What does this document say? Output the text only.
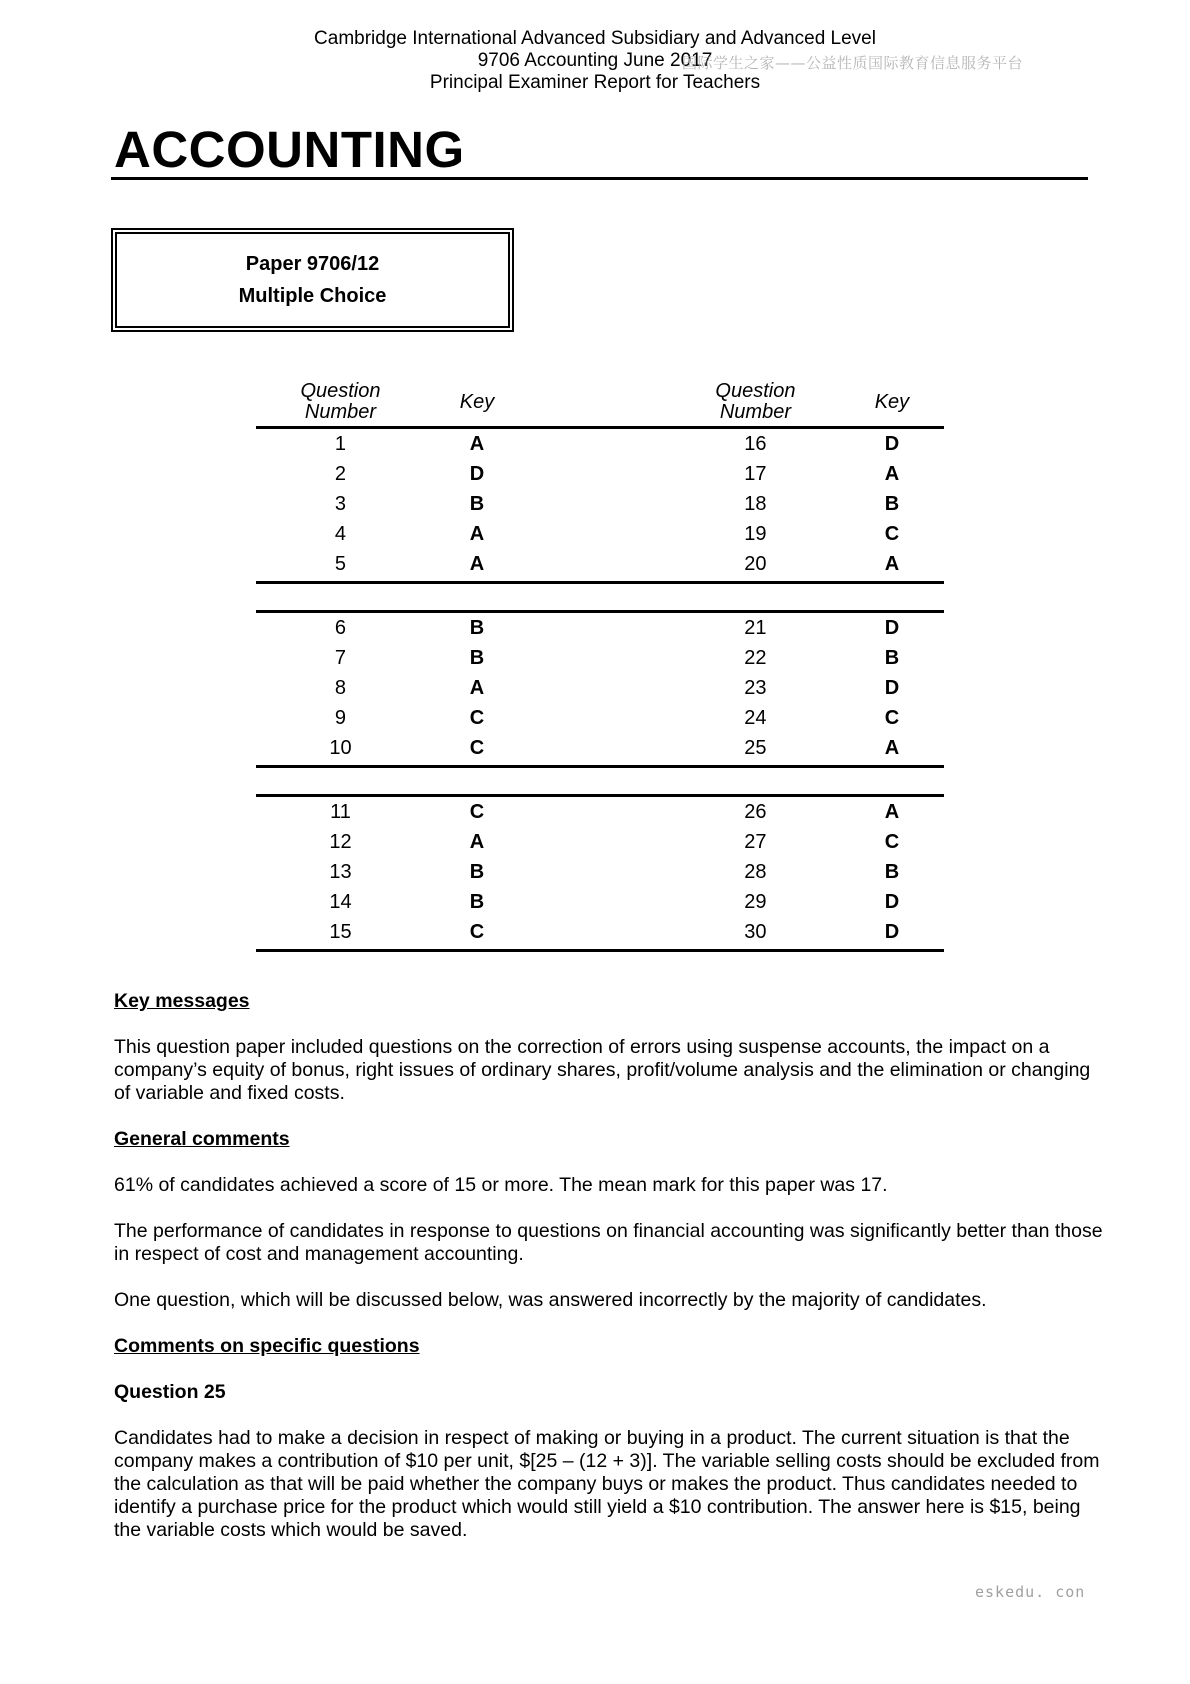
Cambridge International Advanced Subsidiary and Advanced Level
9706 Accounting June 2017
Principal Examiner Report for Teachers
国际学生之家——公益性质国际教育信息服务平台
ACCOUNTING
Paper 9706/12
Multiple Choice
Question
Number	Key		Question
Number	Key
1	A		16	D
2	D		17	A
3	B		18	B
4	A		19	C
5	A		20	A

6	B		21	D
7	B		22	B
8	A		23	D
9	C		24	C
10	C		25	A

11	C		26	A
12	A		27	C
13	B		28	B
14	B		29	D
15	C		30	D

Key messages

This question paper included questions on the correction of errors using suspense accounts, the impact on a company’s equity of bonus, right issues of ordinary shares, profit/volume analysis and the elimination or changing of variable and fixed costs.

General comments

61% of candidates achieved a score of 15 or more. The mean mark for this paper was 17.

The performance of candidates in response to questions on financial accounting was significantly better than those in respect of cost and management accounting.

One question, which will be discussed below, was answered incorrectly by the majority of candidates.

Comments on specific questions

Question 25

Candidates had to make a decision in respect of making or buying in a product. The current situation is that the company makes a contribution of $10 per unit, $[25 – (12 + 3)]. The variable selling costs should be excluded from the calculation as that will be paid whether the company buys or makes the product. Thus candidates needed to identify a purchase price for the product which would still yield a $10 contribution. The answer here is $15, being the variable costs which would be saved.

eskedu. con
